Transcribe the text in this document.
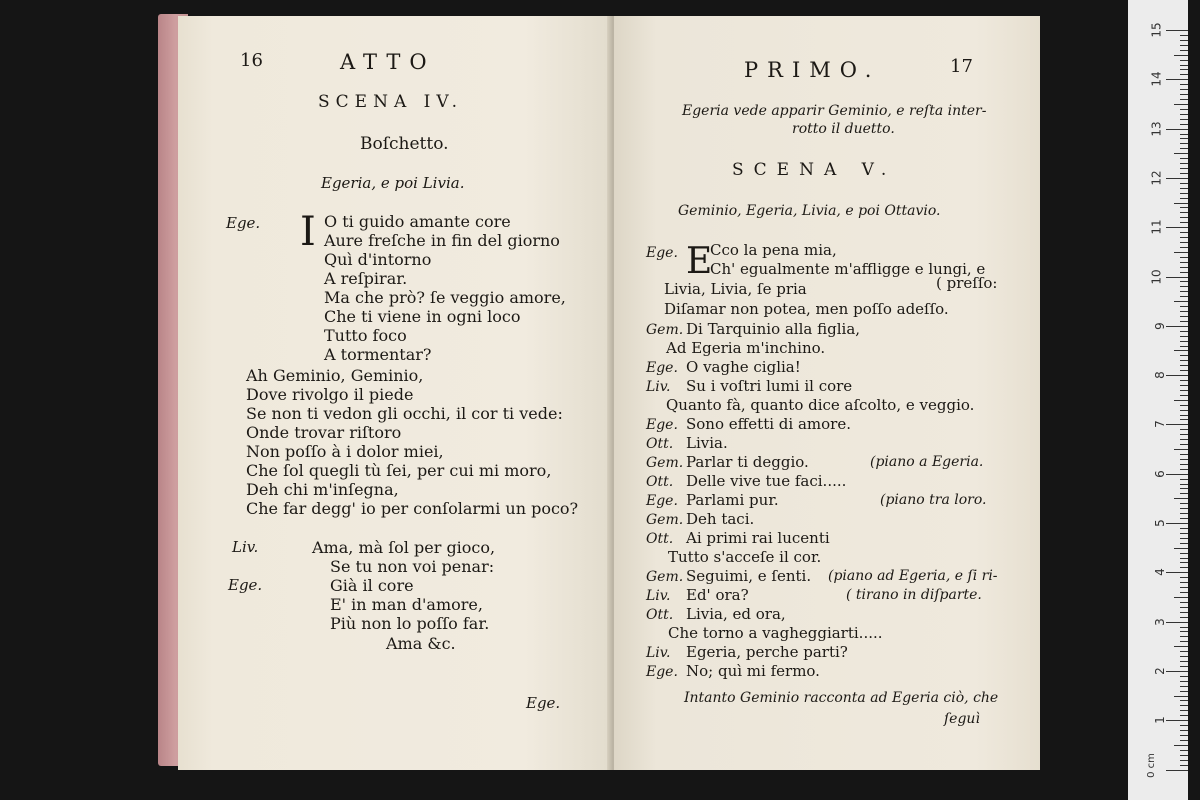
16	ATTO
SCENA IV.
Boſchetto.
Egeria, e poi Livia.
Ege. I O ti guido amante core
Aure freſche in fin del giorno
Quì d'intorno
A reſpirar.
Ma che prò? ſe veggio amore,
Che ti viene in ogni loco
Tutto foco
A tormentar?
Ah Geminio, Geminio,
Dove rivolgo il piede
Se non ti vedon gli occhi, il cor ti vede:
Onde trovar riſtoro
Non poſſo à i dolor miei,
Che ſol quegli tù ſei, per cui mi moro,
Deh chi m'inſegna,
Che far degg' io per conſolarmi un poco?
Liv.	Ama, mà ſol per gioco,
Se tu non voi penar:
Ege.	Già il core
E' in man d'amore,
Più non lo poſſo far.
Ama &c.
Ege.
PRIMO.	17
Egeria vede apparir Geminio, e reſta inter-
rotto il duetto.
SCENA V.
Geminio, Egeria, Livia, e poi Ottavio.
Ege. E
Cco la pena mia,
Ch' egualmente m'affligge e lungi, e
Livia, Livia, ſe pria	( preſſo:
Diſamar non potea, men poſſo adeſſo.
Gem. Di Tarquinio alla figlia,
Ad Egeria m'inchino.
Ege. O vaghe ciglia!
Liv. Su i voſtri lumi il core
Quanto fà, quanto dice aſcolto, e veggio.
Ege. Sono effetti di amore.
Ott. Livia.
Gem. Parlar ti deggio.	(piano a Egeria.
Ott. Delle vive tue faci.....
Ege. Parlami pur.	(piano tra loro.
Gem. Deh taci.
Ott. Ai primi rai lucenti
Tutto s'acceſe il cor.
Gem. Seguimi, e ſenti. (piano ad Egeria, e ſi ri-
Liv. Ed' ora?	( tirano in diſparte.
Ott. Livia, ed ora,
Che torno a vagheggiarti.....
Liv. Egeria, perche parti?
Ege. No; quì mi fermo.
Intanto Geminio racconta ad Egeria ciò, che
ſeguì
0 cm
15
14
13
12
11
10
9
8
7
6
5
4
3
2
1
